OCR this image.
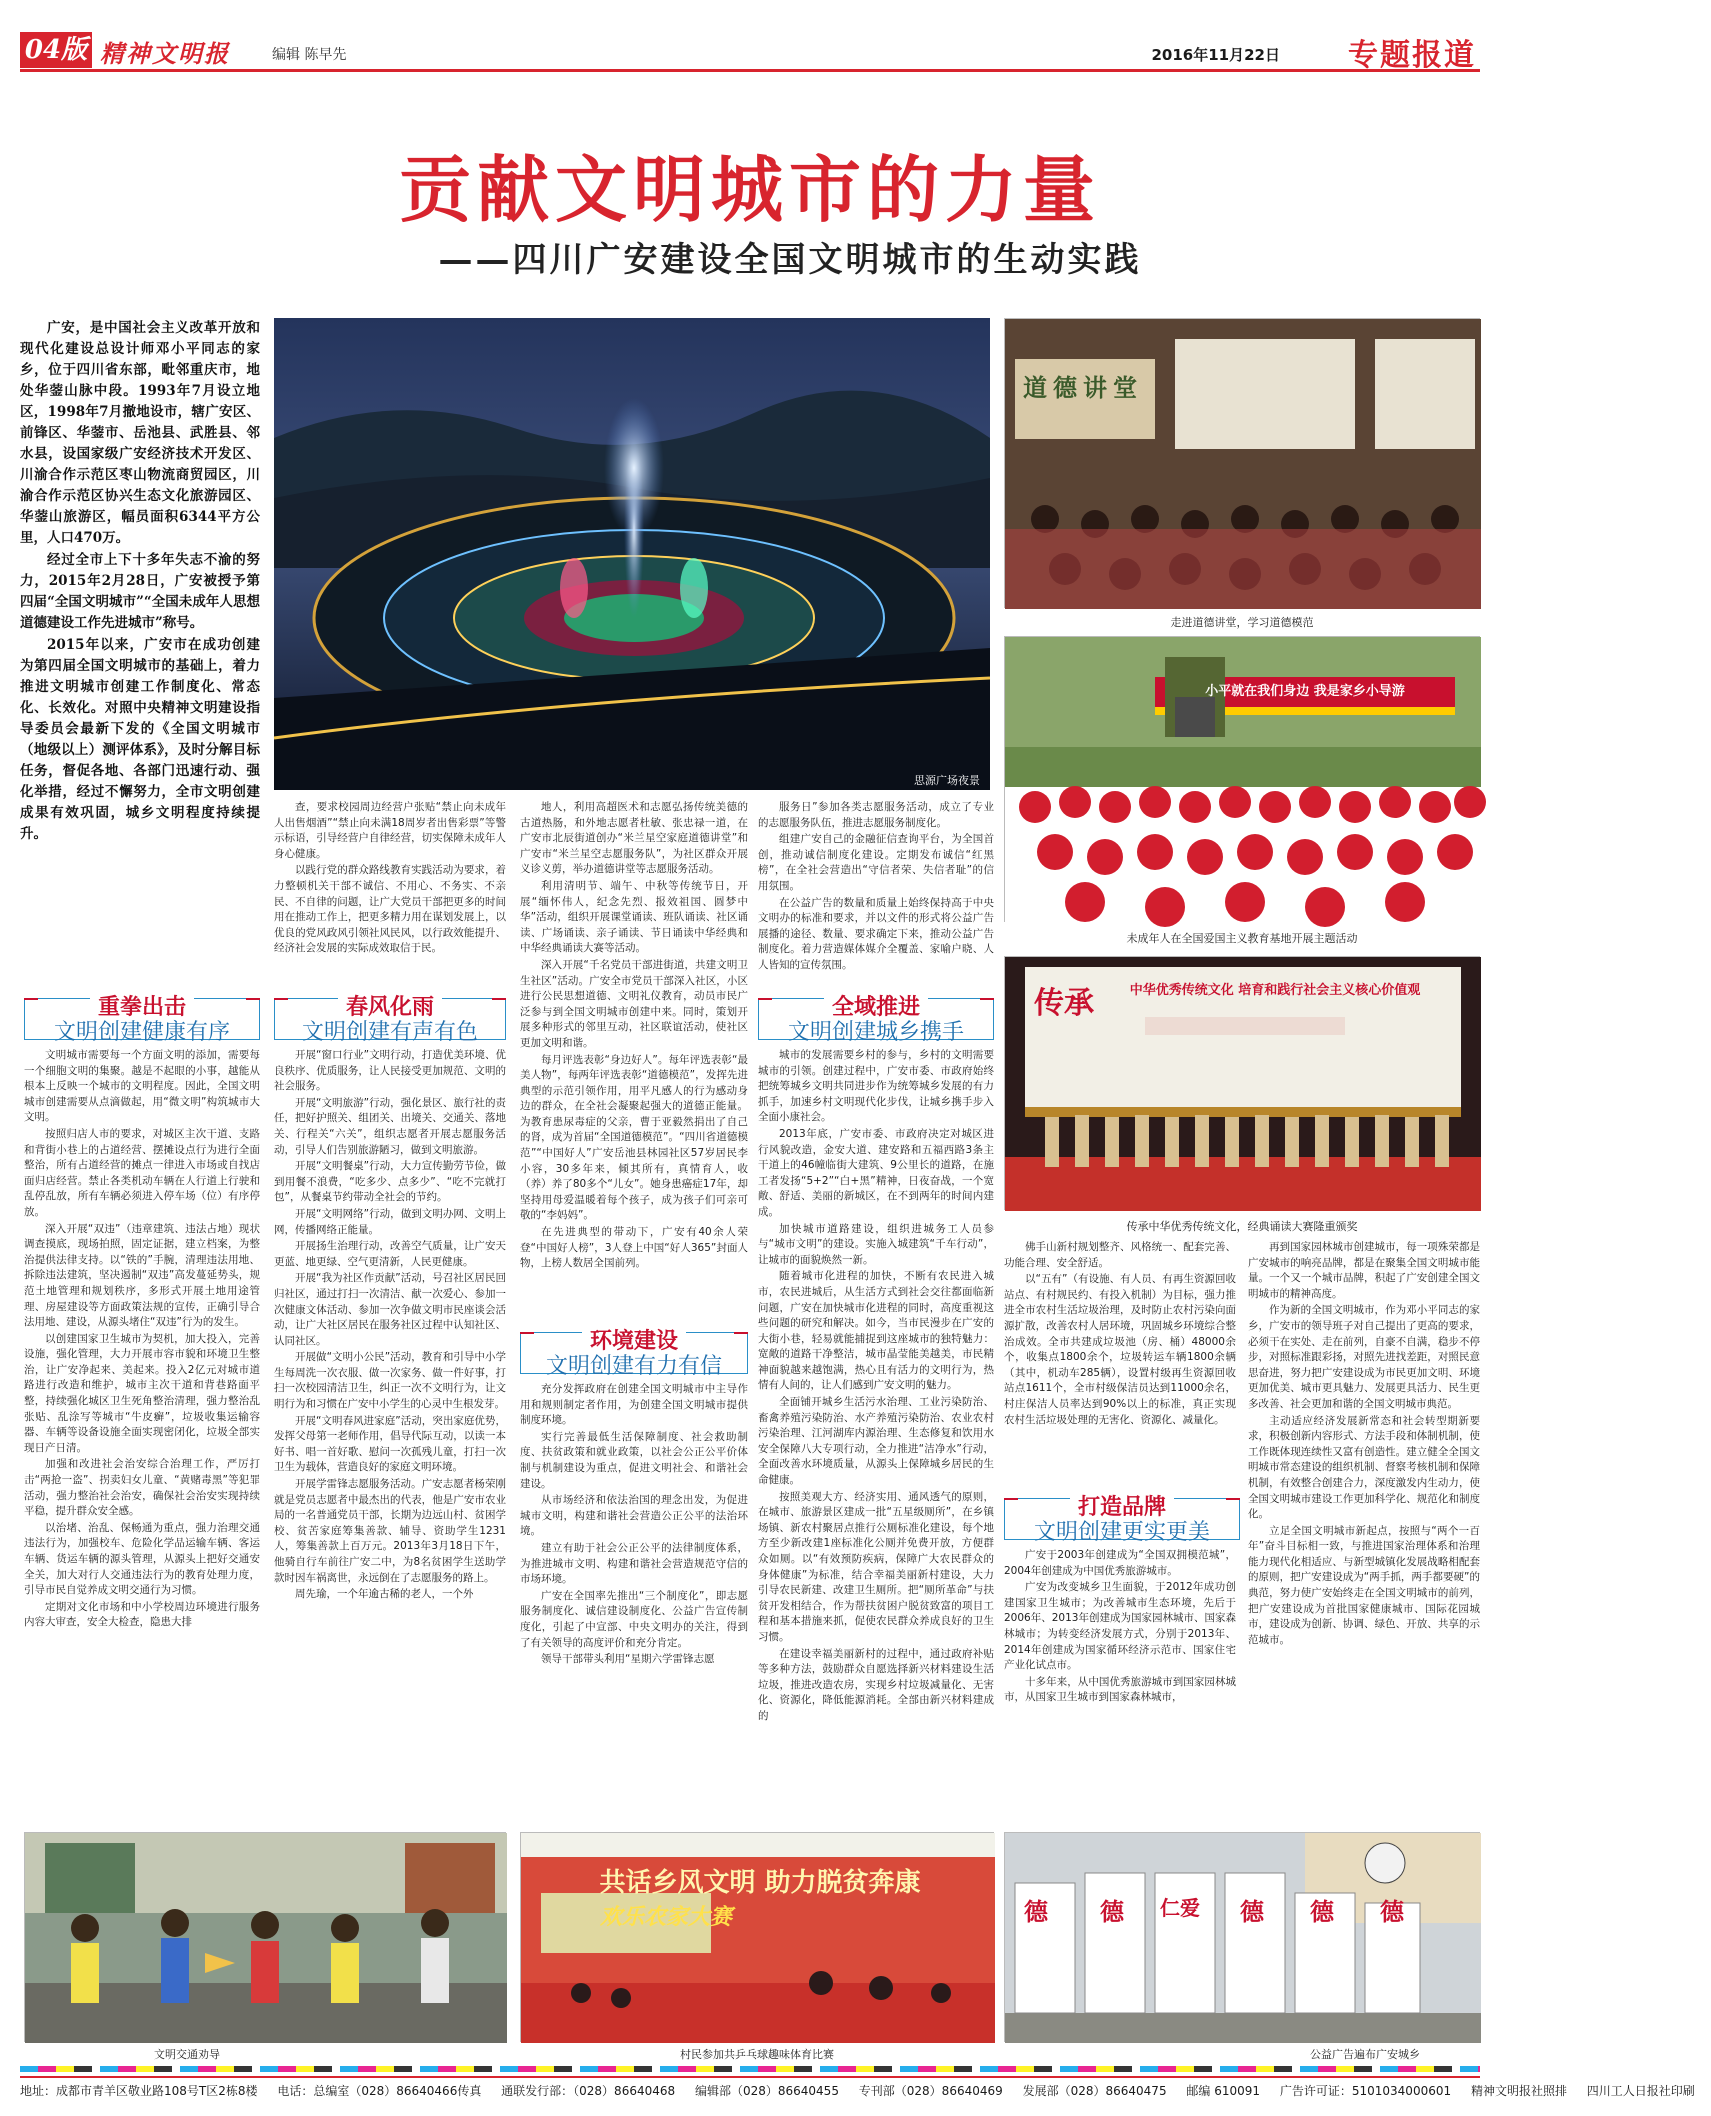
04版 精神文明报	编辑 陈早先	2016年11月22日 专题报道
贡献文明城市的力量
——四川广安建设全国文明城市的生动实践

广安，是中国社会主义改革开放和现代化建设总设计师邓小平同志的家乡，位于四川省东部，毗邻重庆市，地处华蓥山脉中段。1993年7月设立地区，1998年7月撤地设市，辖广安区、前锋区、华蓥市、岳池县、武胜县、邻水县，设国家级广安经济技术开发区、川渝合作示范区枣山物流商贸园区，川渝合作示范区协兴生态文化旅游园区、华蓥山旅游区，幅员面积6344平方公里，人口470万。

经过全市上下十多年失志不渝的努力，2015年2月28日，广安被授予第四届“全国文明城市”“全国未成年人思想道德建设工作先进城市”称号。

2015年以来，广安市在成功创建为第四届全国文明城市的基础上，着力推进文明城市创建工作制度化、常态化、长效化。对照中央精神文明建设指导委员会最新下发的《全国文明城市（地级以上）测评体系》，及时分解目标任务，督促各地、各部门迅速行动、强化举措，经过不懈努力，全市文明创建成果有效巩固，城乡文明程度持续提升。

思源广场夜景
道德讲堂
走进道德讲堂，学习道德模范
小平就在我们身边 我是家乡小导游
未成年人在全国爱国主义教育基地开展主题活动
传承	中华优秀传统文化 培育和践行社会主义核心价值观
传承中华优秀传统文化，经典诵读大赛隆重颁奖
重拳出击
文明创建健康有序
春风化雨
文明创建有声有色
全域推进
文明创建城乡携手
环境建设
文明创建有力有信
打造品牌
文明创建更实更美

文明城市需要每一个方面文明的添加，需要每一个细胞文明的集聚。越是不起眼的小事，越能从根本上反映一个城市的文明程度。因此，全国文明城市创建需要从点滴做起，用“微文明”构筑城市大文明。

按照归店人市的要求，对城区主次干道、支路和背街小巷上的占道经营、摆摊设点行为进行全面整治，所有占道经营的摊点一律进入市场或自找店面归店经营。禁止各类机动车辆在人行道上行驶和乱停乱放，所有车辆必须进入停车场（位）有序停放。

深入开展“双违”（违章建筑、违法占地）现状调查摸底，现场拍照，固定证据，建立档案，为整治提供法律支持。以“铁的”手腕，清理违法用地、拆除违法建筑，坚决遏制“双违”高发蔓延势头，规范土地管理和规划秩序，多形式开展土地用途管理、房屋建设等方面政策法规的宣传，正确引导合法用地、建设，从源头堵住“双违”行为的发生。

以创建国家卫生城市为契机，加大投入，完善设施，强化管理，大力开展市容市貌和环境卫生整治，让广安净起来、美起来。投入2亿元对城市道路进行改造和维护，城市主次干道和背巷路面平整，持续强化城区卫生死角整治清理，强力整治乱张贴、乱涂写等城市“牛皮癣”，垃圾收集运输容器、车辆等设备设施全面实现密闭化，垃圾全部实现日产日清。

加强和改进社会治安综合治理工作，严厉打击“两抢一盗”、拐卖妇女儿童、“黄赌毒黑”等犯罪活动，强力整治社会治安，确保社会治安实现持续平稳，提升群众安全感。

以治堵、治乱、保畅通为重点，强力治理交通违法行为，加强校车、危险化学品运输车辆、客运车辆、货运车辆的源头管理，从源头上把好交通安全关，加大对行人交通违法行为的教育处理力度，引导市民自觉养成文明交通行为习惯。

定期对文化市场和中小学校周边环境进行服务内容大审查，安全大检查，隐患大排

查，要求校园周边经营户张贴“禁止向未成年人出售烟酒”“禁止向未满18周岁者出售彩票”等警示标语，引导经营户自律经营，切实保障未成年人身心健康。

以践行党的群众路线教育实践活动为要求，着力整顿机关干部不诚信、不用心、不务实、不亲民、不自律的问题，让广大党员干部把更多的时间用在推动工作上，把更多精力用在谋划发展上，以优良的党风政风引领社风民风，以行政效能提升、经济社会发展的实际成效取信于民。

开展“窗口行业”文明行动，打造优美环境、优良秩序、优质服务，让人民接受更加规范、文明的社会服务。

开展“文明旅游”行动，强化景区、旅行社的责任，把好护照关、组团关、出境关、交通关、落地关、行程关“六关”，组织志愿者开展志愿服务活动，引导人们告别旅游陋习，做到文明旅游。

开展“文明餐桌”行动，大力宣传勤劳节俭，做到用餐不浪费，“吃多少、点多少”、“吃不完就打包”，从餐桌节约带动全社会的节约。

开展“文明网络”行动，做到文明办网、文明上网，传播网络正能量。

开展扬生治理行动，改善空气质量，让广安天更蓝、地更绿、空气更清新，人民更健康。

开展“我为社区作贡献”活动，号召社区居民回归社区，通过打扫一次清洁、献一次爱心、参加一次健康文体活动、参加一次争做文明市民座谈会活动，让广大社区居民在服务社区过程中认知社区、认同社区。

开展做“文明小公民”活动，教育和引导中小学生每周洗一次衣服、做一次家务、做一件好事，打扫一次校园清洁卫生，纠正一次不文明行为，让文明行为和习惯在广安中小学生的心灵中生根发芽。

开展“文明春风进家庭”活动，突出家庭优势，发挥父母第一老师作用，倡导代际互动，以读一本好书、唱一首好歌、慰问一次孤残儿童，打扫一次卫生为载体，营造良好的家庭文明环境。

开展学雷锋志愿服务活动。广安志愿者杨荣刚就是党员志愿者中最杰出的代表，他是广安市农业局的一名普通党员干部，长期为边远山村、贫困学校、贫苦家庭筹集善款、辅导、资助学生1231人，筹集善款上百万元。2013年3月18日下午，他骑自行车前往广安二中，为8名贫困学生送助学款时因车祸离世，永远倒在了志愿服务的路上。

周先瑜，一个年逾古稀的老人，一个外

地人，利用高超医术和志愿弘扬传统美德的古道热肠，和外地志愿者杜敏、张忠禄一道，在广安市北辰街道创办“米兰星空家庭道德讲堂”和广安市“米兰星空志愿服务队”，为社区群众开展义诊义剪，举办道德讲堂等志愿服务活动。

利用清明节、端午、中秋等传统节日，开展“缅怀伟人，纪念先烈、报效祖国、圆梦中华”活动，组织开展课堂诵读、班队诵读、社区诵读、广场诵读、亲子诵读、节日诵读中华经典和中华经典诵读大赛等活动。

深入开展“千名党员干部进街道，共建文明卫生社区”活动。广安全市党员干部深入社区，小区进行公民思想道德、文明礼仪教育，动员市民广泛参与到全国文明城市创建中来。同时，策划开展多种形式的邻里互动，社区联谊活动，使社区更加文明和谐。

每月评选表彰“身边好人”。每年评选表彰“最美人物”，每两年评选表彰“道德模范”，发挥先进典型的示范引领作用，用平凡感人的行为感动身边的群众，在全社会凝聚起强大的道德正能量。为教育患尿毒症的父亲，曹于亚毅然捐出了自己的肾，成为首届“全国道德模范”。“四川省道德模范”“中国好人”广安岳池县林园社区57岁居民李小容，30多年来，倾其所有，真情育人，收（养）养了80多个“儿女”。她身患癌症17年，却坚持用母爱温暖着每个孩子，成为孩子们可亲可敬的“李妈妈”。

在先进典型的带动下，广安有40余人荣登“中国好人榜”，3人登上中国“好人365”封面人物，上榜人数居全国前列。

充分发挥政府在创建全国文明城市中主导作用和规则制定者作用，为创建全国文明城市提供制度环境。

实行完善最低生活保障制度、社会救助制度、扶贫政策和就业政策，以社会公正公平价体制与机制建设为重点，促进文明社会、和谐社会建设。

从市场经济和依法治国的理念出发，为促进城市文明，构建和谐社会营造公正公平的法治环境。

建立有助于社会公正公平的法律制度体系，为推进城市文明、构建和谐社会营造规范守信的市场环境。

广安在全国率先推出“三个制度化”，即志愿服务制度化、诚信建设制度化、公益广告宣传制度化，引起了中宣部、中央文明办的关注，得到了有关领导的高度评价和充分肯定。

领导干部带头利用“星期六学雷锋志愿

服务日”参加各类志愿服务活动，成立了专业的志愿服务队伍，推进志愿服务制度化。

组建广安自己的金融征信查询平台，为全国首创，推动诚信制度化建设。定期发布诚信“红黑榜”，在全社会营造出“守信者荣、失信者耻”的信用氛围。

在公益广告的数量和质量上始终保持高于中央文明办的标准和要求，并以文件的形式将公益广告展播的途径、数量、要求确定下来，推动公益广告制度化。着力营造媒体媒介全覆盖、家喻户晓、人人皆知的宣传氛围。

城市的发展需要乡村的参与，乡村的文明需要城市的引领。创建过程中，广安市委、市政府始终把统筹城乡文明共同进步作为统筹城乡发展的有力抓手，加速乡村文明现代化步伐，让城乡携手步入全面小康社会。

2013年底，广安市委、市政府决定对城区进行风貌改造，金安大道、建安路和五福西路3条主干道上的46幢临街大建筑、9公里长的道路，在施工者发扬“5+2”“白+黑”精神，日夜奋战，一个宽敞、舒适、美丽的新城区，在不到两年的时间内建成。

加快城市道路建设，组织进城务工人员参与“城市文明”的建设。实施入城建筑“千车行动”，让城市的面貌焕然一新。

随着城市化进程的加快，不断有农民进入城市，农民进城后，从生活方式到社会交往都面临新问题，广安在加快城市化进程的同时，高度重视这些问题的研究和解决。如今，当市民漫步在广安的大街小巷，轻易就能捕捉到这座城市的独特魅力：宽敞的道路干净整洁，城市晶莹能美越美，市民精神面貌越来越饱满，热心且有活力的文明行为，热情有人间的，让人们感到广安文明的魅力。

全面铺开城乡生活污水治理、工业污染防治、畜禽养殖污染防治、水产养殖污染防治、农业农村污染治理、江河湖库内源治理、生态修复和饮用水安全保障八大专项行动，全力推进“洁净水”行动，全面改善水环境质量，从源头上保障城乡居民的生命健康。

按照美观大方、经济实用、通风透气的原则，在城市、旅游景区建成一批“五星级厕所”，在乡镇场镇、新农村聚居点推行公厕标准化建设，每个地方至少新改建1座标准化公厕并免费开放，方便群众如厕。以“有效预防疾病，保障广大农民群众的身体健康”为标准，结合幸福美丽新村建设，大力引导农民新建、改建卫生厕所。把“厕所革命”与扶贫开发相结合，作为帮扶贫困户脱贫致富的项目工程和基本措施来抓，促使农民群众养成良好的卫生习惯。

在建设幸福美丽新村的过程中，通过政府补贴等多种方法，鼓励群众自愿选择新兴材料建设生活垃圾，推进改造农房，实现乡村垃圾减量化、无害化、资源化，降低能源消耗。全部由新兴材料建成的

佛手山新村规划整齐、风格统一、配套完善、功能合理、安全舒适。

以“五有”（有设施、有人员、有再生资源回收站点、有村规民约、有投入机制）为目标，强力推进全市农村生活垃圾治理，及时防止农村污染向面源扩散，改善农村人居环境，巩固城乡环境综合整治成效。全市共建成垃圾池（房、桶）48000余个，收集点1800余个，垃圾转运车辆1800余辆（其中，机动车285辆），设置村级再生资源回收站点1611个，全市村级保洁员达到11000余名，村庄保洁人员率达到90%以上的标准，真正实现农村生活垃圾处理的无害化、资源化、减量化。

再到国家园林城市创建城市，每一项殊荣都是广安城市的响亮品牌，都是在聚集全国文明城市能量。一个又一个城市品牌，积起了广安创建全国文明城市的精神高度。

作为新的全国文明城市，作为邓小平同志的家乡，广安市的领导班子对自己提出了更高的要求，必须干在实处、走在前列，自豪不自满，稳步不停步，对照标准跟彩扬，对照先进找差距，对照民意思奋进，努力把广安建设成为市民更加文明、环境更加优美、城市更具魅力、发展更具活力、民生更多改善、社会更加和谐的全国文明城市典范。

主动适应经济发展新常态和社会转型期新要求，积极创新内容形式、方法手段和体制机制，使工作既体现连续性又富有创造性。建立健全全国文明城市常态建设的组织机制、督察考核机制和保障机制，有效整合创建合力，深度激发内生动力，使全国文明城市建设工作更加科学化、规范化和制度化。

立足全国文明城市新起点，按照与“两个一百年”奋斗目标相一致，与推进国家治理体系和治理能力现代化相适应、与新型城镇化发展战略相配套的原则，把广安建设成为“两手抓，两手都要硬”的典范，努力使广安始终走在全国文明城市的前列，把广安建设成为首批国家健康城市、国际花园城市，建设成为创新、协调、绿色、开放、共享的示范城市。

广安于2003年创建成为“全国双拥模范城”，2004年创建成为中国优秀旅游城市。

广安为改变城乡卫生面貌，于2012年成功创建国家卫生城市；为改善城市生态环境，先后于2006年、2013年创建成为国家园林城市、国家森林城市；为转变经济发展方式，分别于2013年、2014年创建成为国家循环经济示范市、国家住宅产业化试点市。

十多年来，从中国优秀旅游城市到国家园林城市，从国家卫生城市到国家森林城市，

文明交通劝导
共话乡风文明 助力脱贫奔康
欢乐农家大赛
村民参加共乒乓球趣味体育比赛
德 德 仁爱 德 德 德
公益广告遍布广安城乡
地址：成都市青羊区敬业路108号T区2栋8楼 电话：总编室（028）86640466传真 通联发行部：（028）86640468 编辑部（028）86640455 专刊部（028）86640469 发展部（028）86640475 邮编 610091 广告许可证：5101034000601 精神文明报社照排 四川工人日报社印刷
